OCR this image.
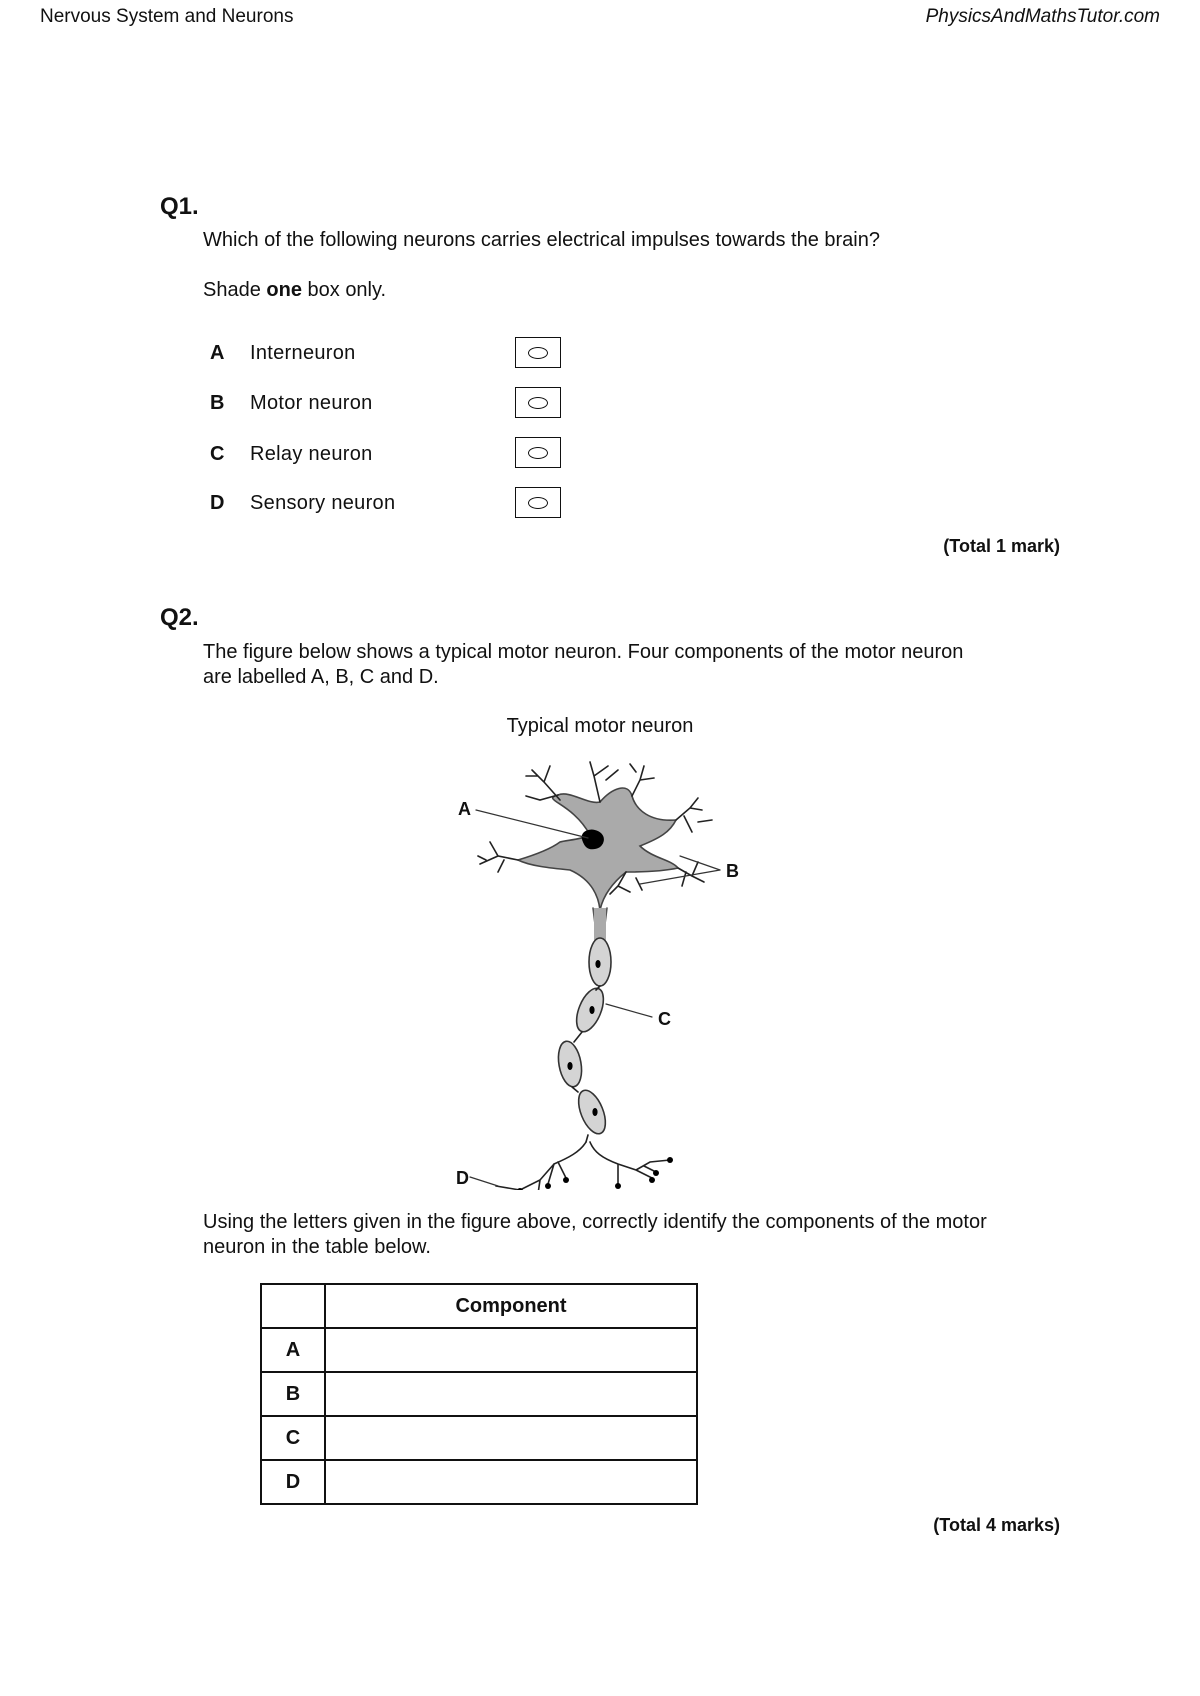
Nervous System and Neurons	PhysicsAndMathsTutor.com
Q1.
Which of the following neurons carries electrical impulses towards the brain?
Shade one box only.
A Interneuron
B Motor neuron
C Relay neuron
D Sensory neuron
(Total 1 mark)
Q2.
The figure below shows a typical motor neuron. Four components of the motor neuron are labelled A, B, C and D.
Typical motor neuron
A
B
C
D
Using the letters given in the figure above, correctly identify the components of the motor neuron in the table below.
	Component
A	
B	
C	
D	
(Total 4 marks)
